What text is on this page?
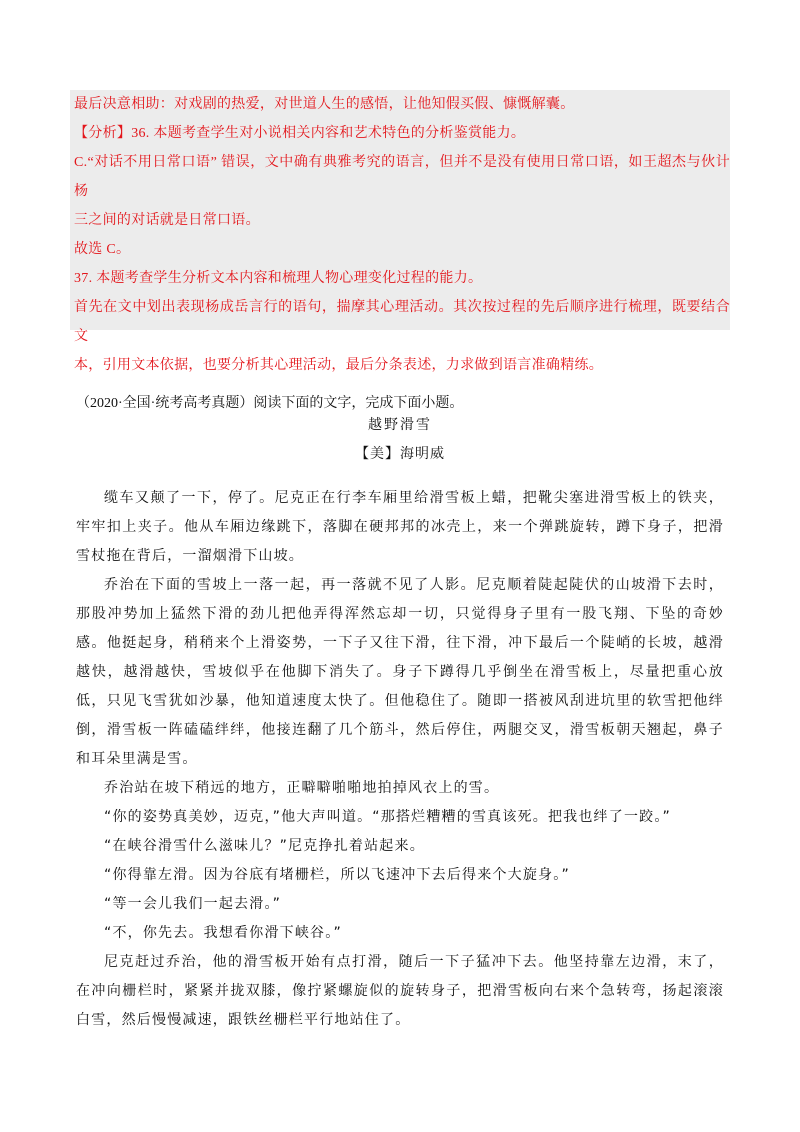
最后决意相助：对戏剧的热爱，对世道人生的感悟，让他知假买假、慷慨解囊。

【分析】36. 本题考查学生对小说相关内容和艺术特色的分析鉴赏能力。

C.“对话不用日常口语” 错误，文中确有典雅考究的语言，但并不是没有使用日常口语，如王超杰与伙计杨

三之间的对话就是日常口语。

故选 C。

37. 本题考查学生分析文本内容和梳理人物心理变化过程的能力。

首先在文中划出表现杨成岳言行的语句，揣摩其心理活动。其次按过程的先后顺序进行梳理，既要结合文

本，引用文本依据，也要分析其心理活动，最后分条表述，力求做到语言准确精练。

（2020·全国·统考高考真题）阅读下面的文字，完成下面小题。
越野滑雪
【美】海明威

缆车又颠了一下，停了。尼克正在行李车厢里给滑雪板上蜡，把靴尖塞进滑雪板上的铁夹，牢牢扣上夹子。他从车厢边缘跳下，落脚在硬邦邦的冰壳上，来一个弹跳旋转，蹲下身子，把滑雪杖拖在背后，一溜烟滑下山坡。

乔治在下面的雪坡上一落一起，再一落就不见了人影。尼克顺着陡起陡伏的山坡滑下去时，那股冲势加上猛然下滑的劲儿把他弄得浑然忘却一切，只觉得身子里有一股飞翔、下坠的奇妙感。他挺起身，稍稍来个上滑姿势，一下子又往下滑，往下滑，冲下最后一个陡峭的长坡，越滑越快，越滑越快，雪坡似乎在他脚下消失了。身子下蹲得几乎倒坐在滑雪板上，尽量把重心放低，只见飞雪犹如沙暴，他知道速度太快了。但他稳住了。随即一搭被风刮进坑里的软雪把他绊倒，滑雪板一阵磕磕绊绊，他接连翻了几个筋斗，然后停住，两腿交叉，滑雪板朝天翘起，鼻子和耳朵里满是雪。

乔治站在坡下稍远的地方，正噼噼啪啪地拍掉风衣上的雪。

“你的姿势真美妙，迈克，”他大声叫道。“那搭烂糟糟的雪真该死。把我也绊了一跤。”

“在峡谷滑雪什么滋味儿？”尼克挣扎着站起来。

“你得靠左滑。因为谷底有堵栅栏，所以飞速冲下去后得来个大旋身。”

“等一会儿我们一起去滑。”

“不，你先去。我想看你滑下峡谷。”

尼克赶过乔治，他的滑雪板开始有点打滑，随后一下子猛冲下去。他坚持靠左边滑，末了，在冲向栅栏时，紧紧并拢双膝，像拧紧螺旋似的旋转身子，把滑雪板向右来个急转弯，扬起滚滚白雪，然后慢慢减速，跟铁丝栅栏平行地站住了。
